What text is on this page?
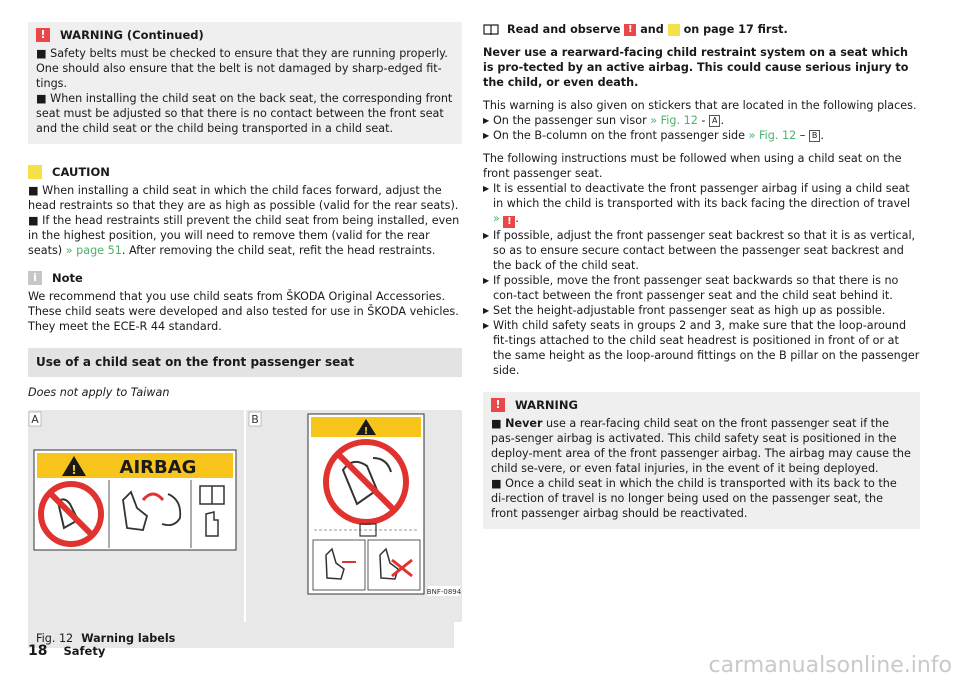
!	WARNING (Continued)

■ Safety belts must be checked to ensure that they are running properly. One should also ensure that the belt is not damaged by sharp-edged fit-tings.

■ When installing the child seat on the back seat, the corresponding front seat must be adjusted so that there is no contact between the front seat and the child seat or the child being transported in a child seat.

CAUTION

■ When installing a child seat in which the child faces forward, adjust the head restraints so that they are as high as possible (valid for the rear seats).

■ If the head restraints still prevent the child seat from being installed, even in the highest position, you will need to remove them (valid for the rear seats) » page 51. After removing the child seat, refit the head restraints.

i	Note

We recommend that you use child seats from ŠKODA Original Accessories. These child seats were developed and also tested for use in ŠKODA vehicles. They meet the ECE-R 44 standard.

Use of a child seat on the front passenger seat

Does not apply to Taiwan

A	B
! AIRBAG
!
BNF-0894
Fig. 12 Warning labels

Read and observe
!
and

on page 17 first.

Never use a rearward-facing child restraint system on a seat which is pro-tected by an active airbag. This could cause serious injury to the child, or even death.

This warning is also given on stickers that are located in the following places.

▶ On the passenger sun visor » Fig. 12 - A .
▶ On the B-column on the front passenger side » Fig. 12 – B .

The following instructions must be followed when using a child seat on the front passenger seat.

▶ It is essential to deactivate the front passenger airbag if using a child seat in which the child is transported with its back facing the direction of travel » ! .
▶ If possible, adjust the front passenger seat backrest so that it is as vertical, so as to ensure secure contact between the passenger seat backrest and the back of the child seat.
▶ If possible, move the front passenger seat backwards so that there is no con-tact between the front passenger seat and the child seat behind it.
▶ Set the height-adjustable front passenger seat as high up as possible.
▶ With child safety seats in groups 2 and 3, make sure that the loop-around fit-tings attached to the child seat headrest is positioned in front of or at the same height as the loop-around fittings on the B pillar on the passenger side.
!	WARNING

■ Never use a rear-facing child seat on the front passenger seat if the pas-senger airbag is activated. This child safety seat is positioned in the deploy-ment area of the front passenger airbag. The airbag may cause the child se-vere, or even fatal injuries, in the event of it being deployed.

■ Once a child seat in which the child is transported with its back to the di-rection of travel is no longer being used on the passenger seat, the front passenger airbag should be reactivated.

18 Safety
carmanualsonline.info
